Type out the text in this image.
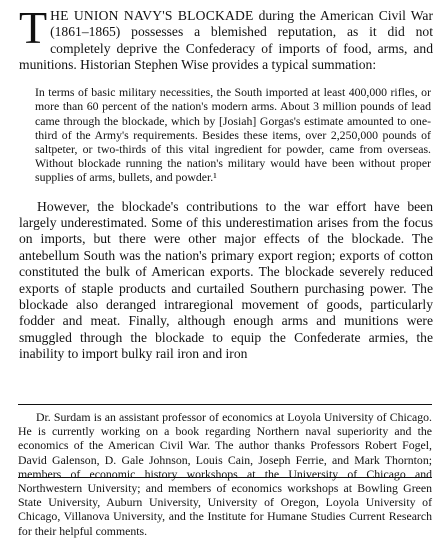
THE UNION NAVY'S BLOCKADE during the American Civil War (1861–1865) possesses a blemished reputation, as it did not completely deprive the Confederacy of imports of food, arms, and munitions. Historian Stephen Wise provides a typical summation:

In terms of basic military necessities, the South imported at least 400,000 rifles, or more than 60 percent of the nation's modern arms. About 3 million pounds of lead came through the blockade, which by [Josiah] Gorgas's estimate amounted to one-third of the Army's requirements. Besides these items, over 2,250,000 pounds of saltpeter, or two-thirds of this vital ingredient for powder, came from overseas. Without blockade running the nation's military would have been without proper supplies of arms, bullets, and powder.¹

However, the blockade's contributions to the war effort have been largely underestimated. Some of this underestimation arises from the focus on imports, but there were other major effects of the blockade. The antebellum South was the nation's primary export region; exports of cotton constituted the bulk of American exports. The blockade severely reduced exports of staple products and curtailed Southern purchasing power. The blockade also deranged intraregional movement of goods, particularly fodder and meat. Finally, although enough arms and munitions were smuggled through the blockade to equip the Confederate armies, the inability to import bulky rail iron and iron

Dr. Surdam is an assistant professor of economics at Loyola University of Chicago. He is currently working on a book regarding Northern naval superiority and the economics of the American Civil War. The author thanks Professors Robert Fogel, David Galenson, D. Gale Johnson, Louis Cain, Joseph Ferrie, and Mark Thornton; members of economic history workshops at the University of Chicago and Northwestern University; and members of economics workshops at Bowling Green State University, Auburn University, University of Oregon, Loyola University of Chicago, Villanova University, and the Institute for Humane Studies Current Research for their helpful comments.
